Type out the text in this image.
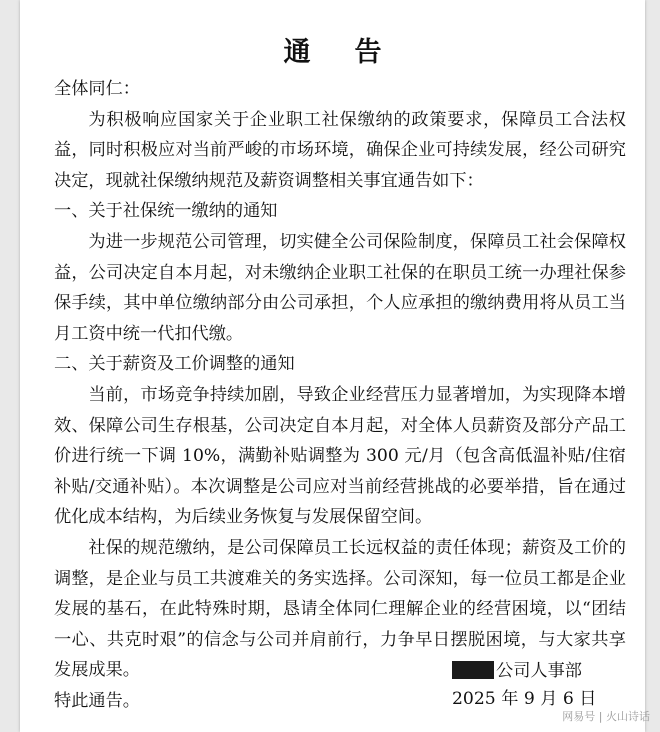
通告

全体同仁：

为积极响应国家关于企业职工社保缴纳的政策要求，保障员工合法权益，同时积极应对当前严峻的市场环境，确保企业可持续发展，经公司研究决定，现就社保缴纳规范及薪资调整相关事宜通告如下：

一、关于社保统一缴纳的通知

为进一步规范公司管理，切实健全公司保险制度，保障员工社会保障权益，公司决定自本月起，对未缴纳企业职工社保的在职员工统一办理社保参保手续，其中单位缴纳部分由公司承担，个人应承担的缴纳费用将从员工当月工资中统一代扣代缴。

二、关于薪资及工价调整的通知

当前，市场竞争持续加剧，导致企业经营压力显著增加，为实现降本增效、保障公司生存根基，公司决定自本月起，对全体人员薪资及部分产品工价进行统一下调 10%，满勤补贴调整为 300 元/月（包含高低温补贴/住宿补贴/交通补贴）。本次调整是公司应对当前经营挑战的必要举措，旨在通过优化成本结构，为后续业务恢复与发展保留空间。

社保的规范缴纳，是公司保障员工长远权益的责任体现；薪资及工价的调整，是企业与员工共渡难关的务实选择。公司深知，每一位员工都是企业发展的基石，在此特殊时期，恳请全体同仁理解企业的经营困境，以“团结一心、共克时艰”的信念与公司并肩前行，力争早日摆脱困境，与大家共享发展成果。

特此通告。

公司人事部
2025 年 9 月 6 日
网易号 | 火山诗话
